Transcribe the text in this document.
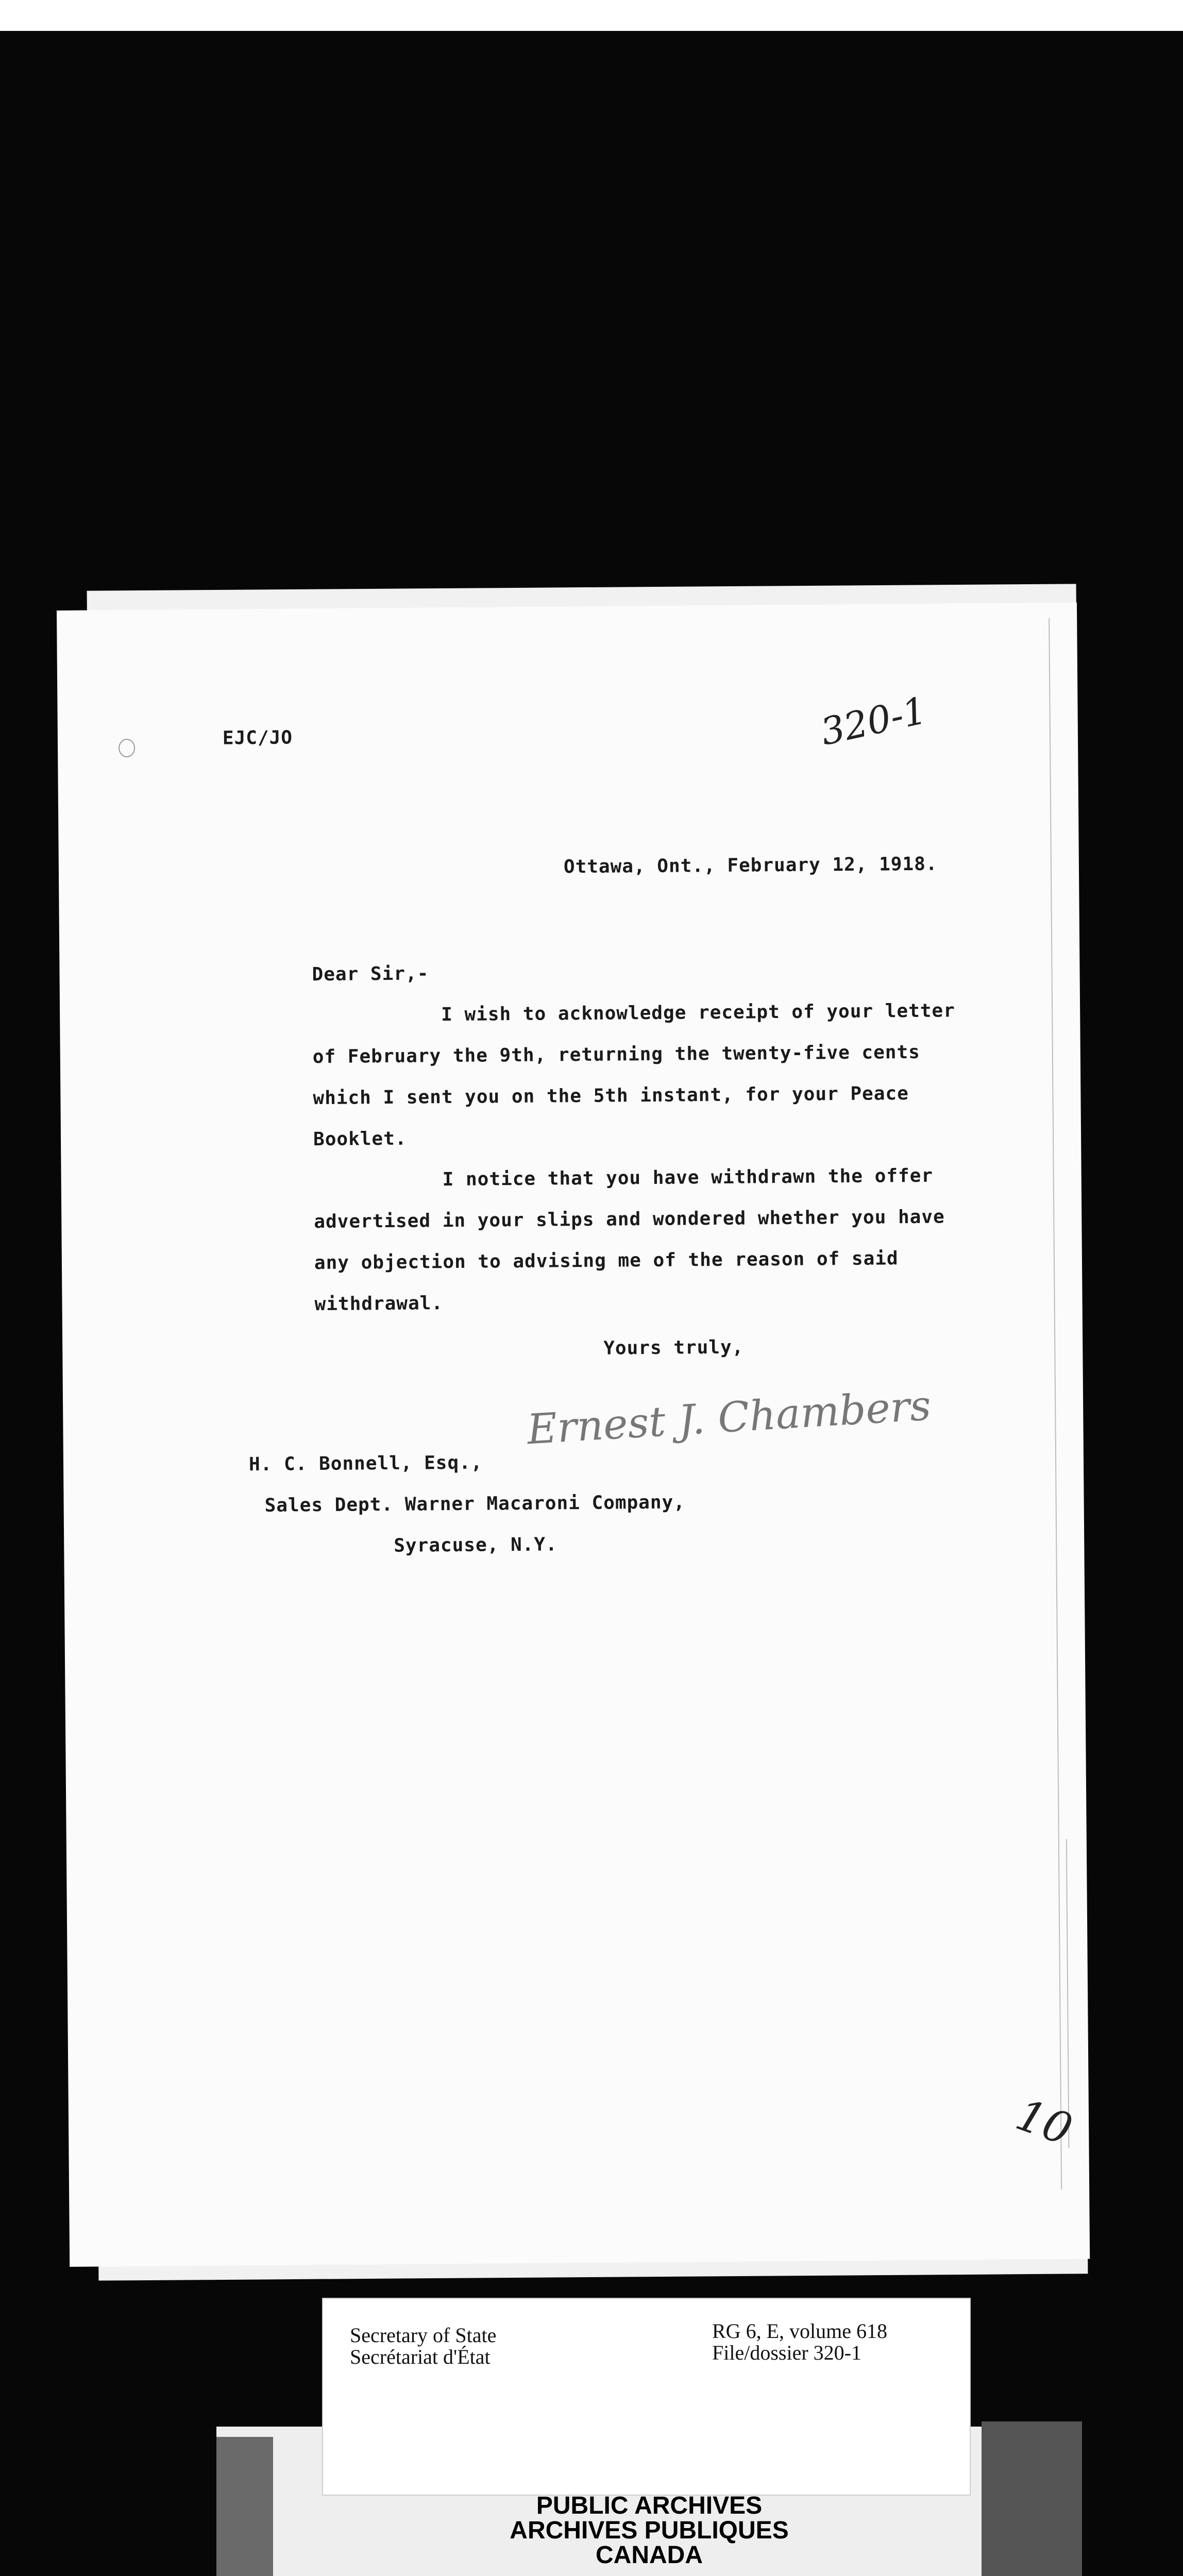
EJC/JO	320-1
Ottawa, Ont., February 12, 1918.
Dear Sir,-
I wish to acknowledge receipt of your letter
of February the 9th, returning the twenty-five cents
which I sent you on the 5th instant, for your Peace
Booklet.
I notice that you have withdrawn the offer
advertised in your slips and wondered whether you have
any objection to advising me of the reason of said
withdrawal.
Yours truly,
Ernest J. Chambers
H. C. Bonnell, Esq.,
Sales Dept. Warner Macaroni Company,
Syracuse, N.Y.
10
Secretary of State
Secrétariat d'État
RG 6, E, volume 618
File/dossier 320-1
PUBLIC ARCHIVES
ARCHIVES PUBLIQUES
CANADA
